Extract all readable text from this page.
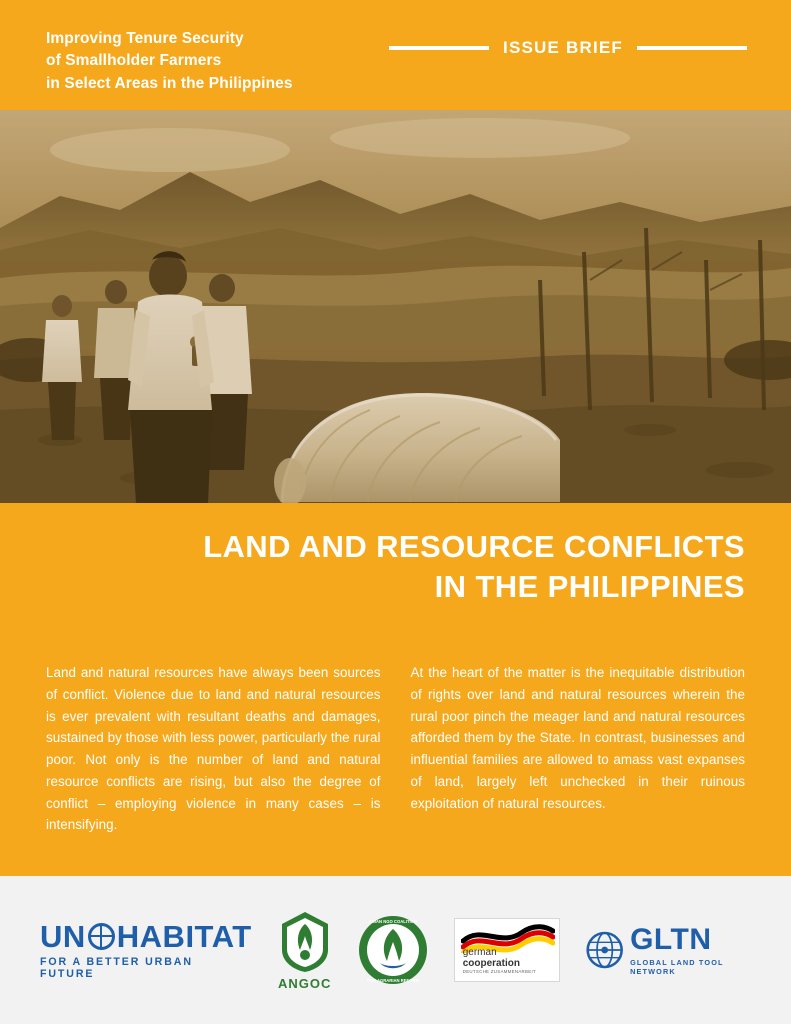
Improving Tenure Security
of Smallholder Farmers
in Select Areas in the Philippines
ISSUE BRIEF
LAND AND RESOURCE CONFLICTS
IN THE PHILIPPINES
Land and natural resources have always been sources of conflict. Violence due to land and natural resources is ever prevalent with resultant deaths and damages, sustained by those with less power, particularly the rural poor. Not only is the number of land and natural resource conflicts are rising, but also the degree of conflict – employing violence in many cases – is intensifying.
At the heart of the matter is the inequitable distribution of rights over land and natural resources wherein the rural poor pinch the meager land and natural resources afforded them by the State. In contrast, businesses and influential families are allowed to amass vast expanses of land, largely left unchecked in their ruinous exploitation of natural resources.
UN HABITAT
FOR A BETTER URBAN FUTURE
ANGOC
ASIAN NGO COALITION
FOR AGRARIAN REFORM
german
cooperation
DEUTSCHE ZUSAMMENARBEIT
GLTN
GLOBAL LAND TOOL NETWORK
